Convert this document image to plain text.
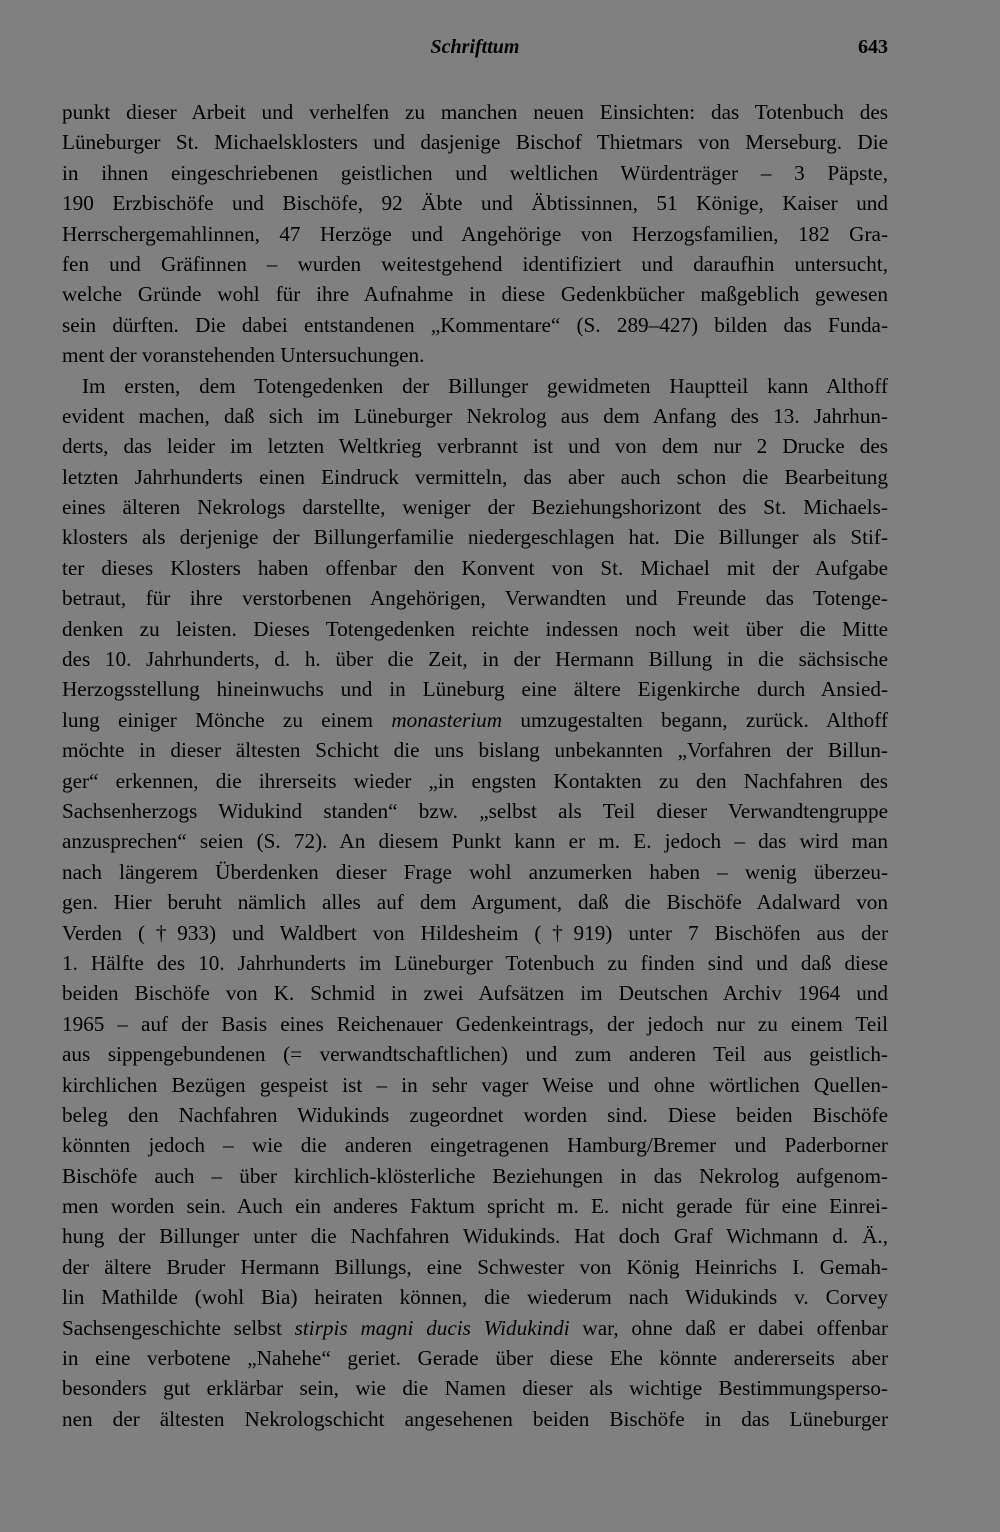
Schrifttum	643
punkt dieser Arbeit und verhelfen zu manchen neuen Einsichten: das Totenbuch des
Lüneburger St. Michaelsklosters und dasjenige Bischof Thietmars von Merseburg. Die
in ihnen eingeschriebenen geistlichen und weltlichen Würdenträger – 3 Päpste,
190 Erzbischöfe und Bischöfe, 92 Äbte und Äbtissinnen, 51 Könige, Kaiser und
Herrschergemahlinnen, 47 Herzöge und Angehörige von Herzogsfamilien, 182 Gra-
fen und Gräfinnen – wurden weitestgehend identifiziert und daraufhin untersucht,
welche Gründe wohl für ihre Aufnahme in diese Gedenkbücher maßgeblich gewesen
sein dürften. Die dabei entstandenen „Kommentare“ (S. 289–427) bilden das Funda-
ment der voranstehenden Untersuchungen.
Im ersten, dem Totengedenken der Billunger gewidmeten Hauptteil kann Althoff
evident machen, daß sich im Lüneburger Nekrolog aus dem Anfang des 13. Jahrhun-
derts, das leider im letzten Weltkrieg verbrannt ist und von dem nur 2 Drucke des
letzten Jahrhunderts einen Eindruck vermitteln, das aber auch schon die Bearbeitung
eines älteren Nekrologs darstellte, weniger der Beziehungshorizont des St. Michaels-
klosters als derjenige der Billungerfamilie niedergeschlagen hat. Die Billunger als Stif-
ter dieses Klosters haben offenbar den Konvent von St. Michael mit der Aufgabe
betraut, für ihre verstorbenen Angehörigen, Verwandten und Freunde das Totenge-
denken zu leisten. Dieses Totengedenken reichte indessen noch weit über die Mitte
des 10. Jahrhunderts, d. h. über die Zeit, in der Hermann Billung in die sächsische
Herzogsstellung hineinwuchs und in Lüneburg eine ältere Eigenkirche durch Ansied-
lung einiger Mönche zu einem monasterium umzugestalten begann, zurück. Althoff
möchte in dieser ältesten Schicht die uns bislang unbekannten „Vorfahren der Billun-
ger“ erkennen, die ihrerseits wieder „in engsten Kontakten zu den Nachfahren des
Sachsenherzogs Widukind standen“ bzw. „selbst als Teil dieser Verwandtengruppe
anzusprechen“ seien (S. 72). An diesem Punkt kann er m. E. jedoch – das wird man
nach längerem Überdenken dieser Frage wohl anzumerken haben – wenig überzeu-
gen. Hier beruht nämlich alles auf dem Argument, daß die Bischöfe Adalward von
Verden (†933) und Waldbert von Hildesheim (†919) unter 7 Bischöfen aus der
1. Hälfte des 10. Jahrhunderts im Lüneburger Totenbuch zu finden sind und daß diese
beiden Bischöfe von K. Schmid in zwei Aufsätzen im Deutschen Archiv 1964 und
1965 – auf der Basis eines Reichenauer Gedenkeintrags, der jedoch nur zu einem Teil
aus sippengebundenen (= verwandtschaftlichen) und zum anderen Teil aus geistlich-
kirchlichen Bezügen gespeist ist – in sehr vager Weise und ohne wörtlichen Quellen-
beleg den Nachfahren Widukinds zugeordnet worden sind. Diese beiden Bischöfe
könnten jedoch – wie die anderen eingetragenen Hamburg/Bremer und Paderborner
Bischöfe auch – über kirchlich-klösterliche Beziehungen in das Nekrolog aufgenom-
men worden sein. Auch ein anderes Faktum spricht m. E. nicht gerade für eine Einrei-
hung der Billunger unter die Nachfahren Widukinds. Hat doch Graf Wichmann d. Ä.,
der ältere Bruder Hermann Billungs, eine Schwester von König Heinrichs I. Gemah-
lin Mathilde (wohl Bia) heiraten können, die wiederum nach Widukinds v. Corvey
Sachsengeschichte selbst stirpis magni ducis Widukindi war, ohne daß er dabei offenbar
in eine verbotene „Nahehe“ geriet. Gerade über diese Ehe könnte andererseits aber
besonders gut erklärbar sein, wie die Namen dieser als wichtige Bestimmungsperso-
nen der ältesten Nekrologschicht angesehenen beiden Bischöfe in das Lüneburger
